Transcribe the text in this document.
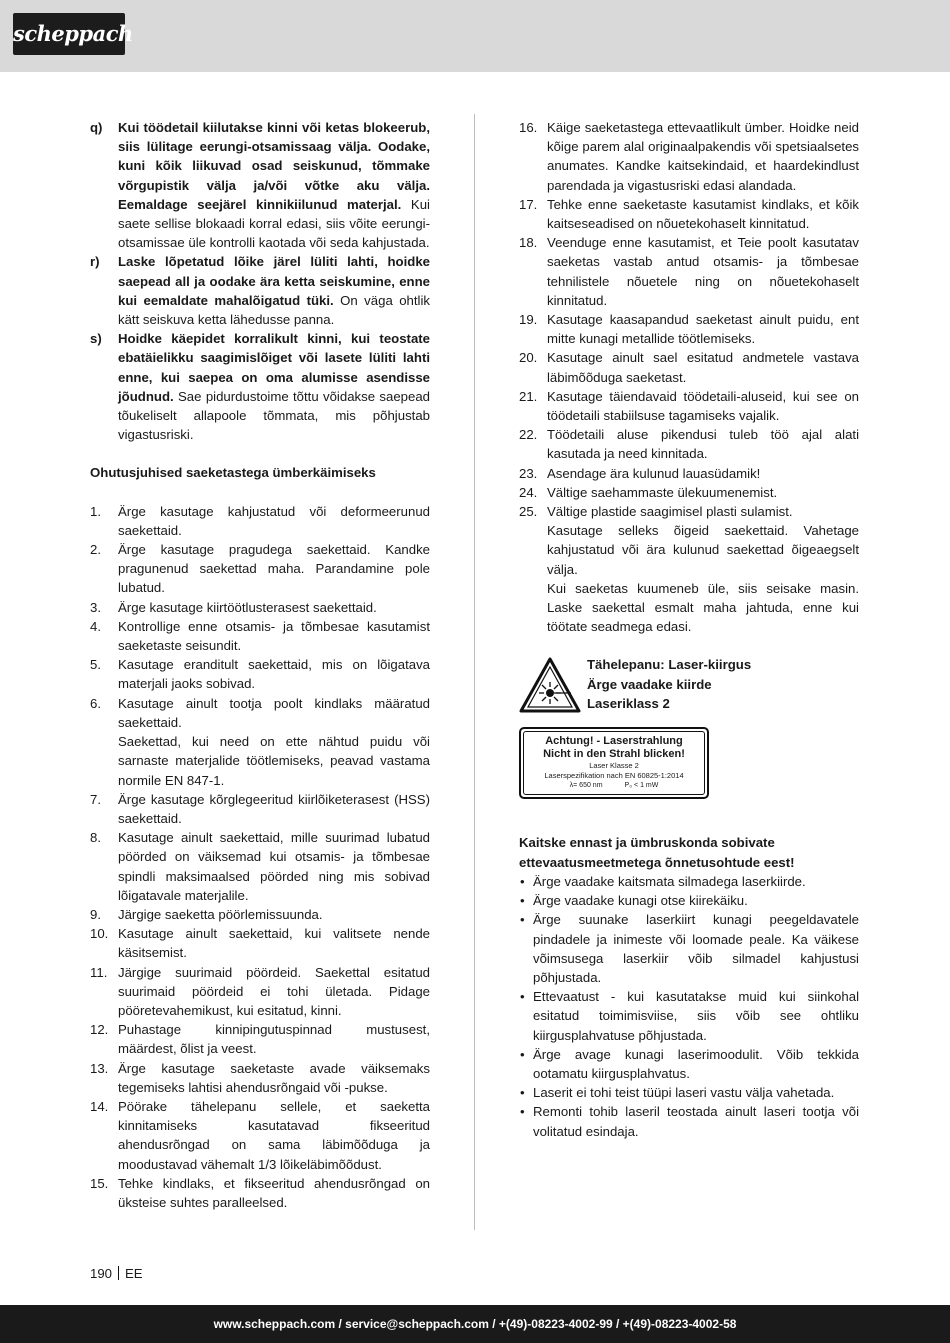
scheppach
q)	Kui töödetail kiilutakse kinni või ketas blokeerub, siis lülitage eerungi-otsamissaag välja. Oodake, kuni kõik liikuvad osad seiskunud, tõmmake võrgupistik välja ja/või võtke aku välja. Eemaldage seejärel kinnikiilunud materjal. Kui saete sellise blokaadi korral edasi, siis võite eerungi-otsamissae üle kontrolli kaotada või seda kahjustada.

r)	Laske lõpetatud lõike järel lüliti lahti, hoidke saepead all ja oodake ära ketta seiskumine, enne kui eemaldate mahalõigatud tüki. On väga ohtlik kätt seiskuva ketta lähedusse panna.

s)	Hoidke käepidet korralikult kinni, kui teostate ebatäielikku saagimislõiget või lasete lüliti lahti enne, kui saepea on oma alumisse asendisse jõudnud. Sae pidurdustoime tõttu võidakse saepead tõukeliselt allapoole tõmmata, mis põhjustab vigastusriski.

Ohutusjuhised saeketastega ümberkäimiseks
1.	Ärge kasutage kahjustatud või deformeerunud saekettaid.

2.	Ärge kasutage pragudega saekettaid. Kandke pragunenud saekettad maha. Parandamine pole lubatud.

3.	Ärge kasutage kiirtöötlusterasest saekettaid.

4.	Kontrollige enne otsamis- ja tõmbesae kasutamist saeketaste seisundit.

5.	Kasutage eranditult saekettaid, mis on lõigatava materjali jaoks sobivad.

6.	Kasutage ainult tootja poolt kindlaks määratud saekettaid.

Saekettad, kui need on ette nähtud puidu või sarnaste materjalide töötlemiseks, peavad vastama normile EN 847-1.

7.	Ärge kasutage kõrglegeeritud kiirlõiketerasest (HSS) saekettaid.

8.	Kasutage ainult saekettaid, mille suurimad lubatud pöörded on väiksemad kui otsamis- ja tõmbesae spindli maksimaalsed pöörded ning mis sobivad lõigatavale materjalile.

9.	Järgige saeketta pöörlemissuunda.

10. Kasutage ainult saekettaid, kui valitsete nende käsitsemist.

11. Järgige suurimaid pöördeid. Saekettal esitatud suurimaid pöördeid ei tohi ületada. Pidage pööretevahemikust, kui esitatud, kinni.

12. Puhastage kinnipingutuspinnad mustusest, määrdest, õlist ja veest.

13. Ärge kasutage saeketaste avade väiksemaks tegemiseks lahtisi ahendusrõngaid või -pukse.

14. Pöörake tähelepanu sellele, et saeketta kinnitamiseks kasutatavad fikseeritud ahendusrõngad on sama läbimõõduga ja moodustavad vähemalt 1/3 lõikeläbimõõdust.

15. Tehke kindlaks, et fikseeritud ahendusrõngad on üksteise suhtes paralleelsed.

16. Käige saeketastega ettevaatlikult ümber. Hoidke neid kõige parem alal originaalpakendis või spetsiaalsetes anumates. Kandke kaitsekindaid, et haardekindlust parendada ja vigastusriski edasi alandada.

17. Tehke enne saeketaste kasutamist kindlaks, et kõik kaitseseadised on nõuetekohaselt kinnitatud.

18. Veenduge enne kasutamist, et Teie poolt kasutatav saeketas vastab antud otsamis- ja tõmbesae tehnilistele nõuetele ning on nõuetekohaselt kinnitatud.

19. Kasutage kaasapandud saeketast ainult puidu, ent mitte kunagi metallide töötlemiseks.

20. Kasutage ainult sael esitatud andmetele vastava läbimõõduga saeketast.

21. Kasutage täiendavaid töödetaili-aluseid, kui see on töödetaili stabiilsuse tagamiseks vajalik.

22. Töödetaili aluse pikendusi tuleb töö ajal alati kasutada ja need kinnitada.

23. Asendage ära kulunud lauasüdamik!

24. Vältige saehammaste ülekuumenemist.

25. Vältige plastide saagimisel plasti sulamist.

Kasutage selleks õigeid saekettaid. Vahetage kahjustatud või ära kulunud saekettad õigeaegselt välja.

Kui saeketas kuumeneb üle, siis seisake masin. Laske saekettal esmalt maha jahtuda, enne kui töötate seadmega edasi.

Tähelepanu: Laser-kiirgus
Ärge vaadake kiirde
Laseriklass 2
Achtung! - Laserstrahlung
Nicht in den Strahl blicken!
Laser Klasse 2
Laserspezifikation nach EN 60825-1:2014
λ= 650 nm	P₀ < 1 mW
Kaitske ennast ja ümbruskonda sobivate ettevaatusmeetmetega õnnetusohtude eest!
• Ärge vaadake kaitsmata silmadega laserkiirde.

• Ärge vaadake kunagi otse kiirekäiku.

• Ärge suunake laserkiirt kunagi peegeldavatele pindadele ja inimeste või loomade peale. Ka väikese võimsusega laserkiir võib silmadel kahjustusi põhjustada.

• Ettevaatust - kui kasutatakse muid kui siinkohal esitatud toimimisviise, siis võib see ohtliku kiirgusplahvatuse põhjustada.

• Ärge avage kunagi laserimoodulit. Võib tekkida ootamatu kiirgusplahvatus.

• Laserit ei tohi teist tüüpi laseri vastu välja vahetada.

• Remonti tohib laseril teostada ainult laseri tootja või volitatud esindaja.

190 EE
www.scheppach.com / service@scheppach.com / +(49)-08223-4002-99 / +(49)-08223-4002-58
